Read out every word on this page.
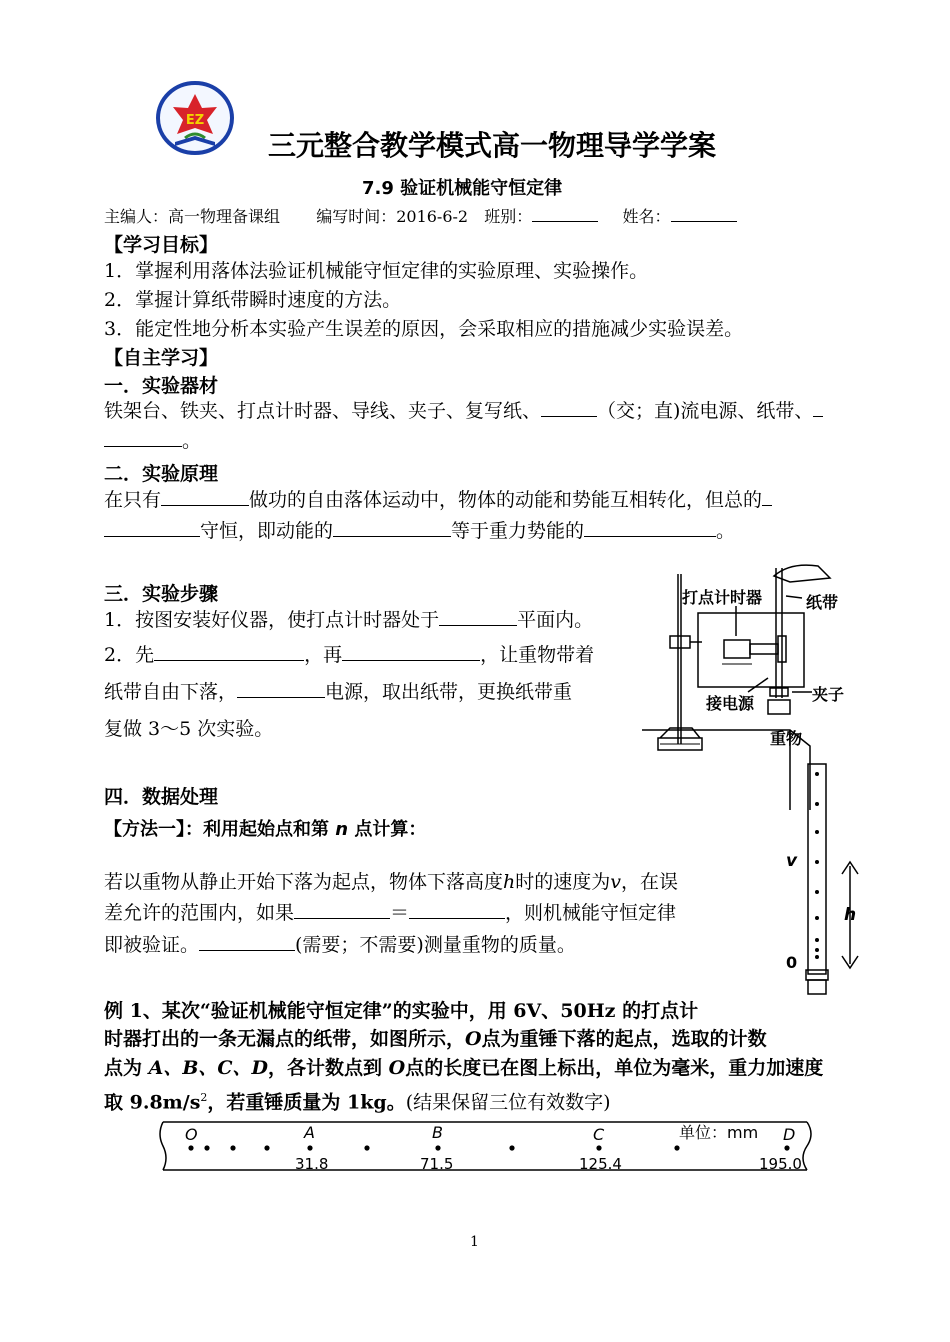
EZ
三元整合教学模式高一物理导学学案
7.9 验证机械能守恒定律
主编人：高一物理备课组 编写时间：2016-6-2 班别：	姓名：
【学习目标】
1．掌握利用落体法验证机械能守恒定律的实验原理、实验操作。
2．掌握计算纸带瞬时速度的方法。
3．能定性地分析本实验产生误差的原因，会采取相应的措施减少实验误差。
【自主学习】
一．实验器材
铁架台、铁夹、打点计时器、导线、夹子、复写纸、	（交；直)流电源、纸带、
。
二．实验原理
在只有	做功的自由落体运动中，物体的动能和势能互相转化，但总的
守恒，即动能的	等于重力势能的	。
三．实验步骤
1．按图安装好仪器，使打点计时器处于	平面内。
2．先	，再	，让重物带着
纸带自由下落，	电源，取出纸带，更换纸带重
复做 3～5 次实验。
打点计时器	纸带
接电源	夹子
重物
四．数据处理
【方法一】：利用起始点和第 n 点计算：
若以重物从静止开始下落为起点，物体下落高度h时的速度为v，在误
差允许的范围内，如果	＝	，则机械能守恒定律
即被验证。	(需要；不需要)测量重物的质量。
v
h
0
例 1、某次“验证机械能守恒定律”的实验中，用 6V、50Hz 的打点计
时器打出的一条无漏点的纸带，如图所示，O点为重锤下落的起点，选取的计数
点为 A、B、C、D，各计数点到 O点的长度已在图上标出，单位为毫米，重力加速度
取 $9.8m/s^2$，若重锤质量为 1kg。(结果保留三位有效数字)
O	A	B	C	D
单位：mm
31.8	71.5	125.4	195.0
1
